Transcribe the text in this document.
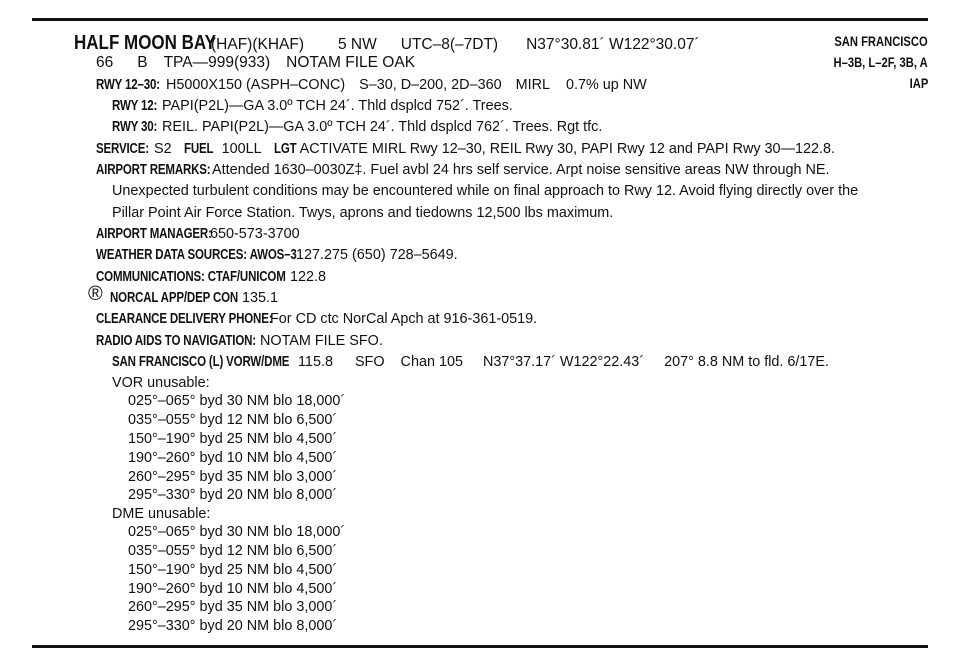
HALF MOON BAY(HAF)(KHAF) 5 NW UTC–8(–7DT) N37°30.81´ W122°30.07´
66 B TPA—999(933) NOTAM FILE OAK
SAN FRANCISCO
H–3B, L–2F, 3B, A
IAP
RWY 12–30: H5000X150 (ASPH–CONC) S–30, D–200, 2D–360 MIRL 0.7% up NW
RWY 12: PAPI(P2L)—GA 3.0º TCH 24´. Thld dsplcd 752´. Trees.
RWY 30: REIL. PAPI(P2L)—GA 3.0º TCH 24´. Thld dsplcd 762´. Trees. Rgt tfc.
SERVICE: S2 FUEL 100LL LGT ACTIVATE MIRL Rwy 12–30, REIL Rwy 30, PAPI Rwy 12 and PAPI Rwy 30—122.8.
AIRPORT REMARKS: Attended 1630–0030Z‡. Fuel avbl 24 hrs self service. Arpt noise sensitive areas NW through NE.
Unexpected turbulent conditions may be encountered while on final approach to Rwy 12. Avoid flying directly over the
Pillar Point Air Force Station. Twys, aprons and tiedowns 12,500 lbs maximum.
AIRPORT MANAGER:650-573-3700
WEATHER DATA SOURCES: AWOS–3127.275 (650) 728–5649.
COMMUNICATIONS: CTAF/UNICOM 122.8
® NORCAL APP/DEP CON 135.1
CLEARANCE DELIVERY PHONE:For CD ctc NorCal Apch at 916-361-0519.
RADIO AIDS TO NAVIGATION: NOTAM FILE SFO.
SAN FRANCISCO (L) VORW/DME 115.8 SFO Chan 105 N37°37.17´ W122°22.43´ 207° 8.8 NM to fld. 6/17E.
VOR unusable:
025°–065° byd 30 NM blo 18,000´
035°–055° byd 12 NM blo 6,500´
150°–190° byd 25 NM blo 4,500´
190°–260° byd 10 NM blo 4,500´
260°–295° byd 35 NM blo 3,000´
295°–330° byd 20 NM blo 8,000´
DME unusable:
025°–065° byd 30 NM blo 18,000´
035°–055° byd 12 NM blo 6,500´
150°–190° byd 25 NM blo 4,500´
190°–260° byd 10 NM blo 4,500´
260°–295° byd 35 NM blo 3,000´
295°–330° byd 20 NM blo 8,000´
